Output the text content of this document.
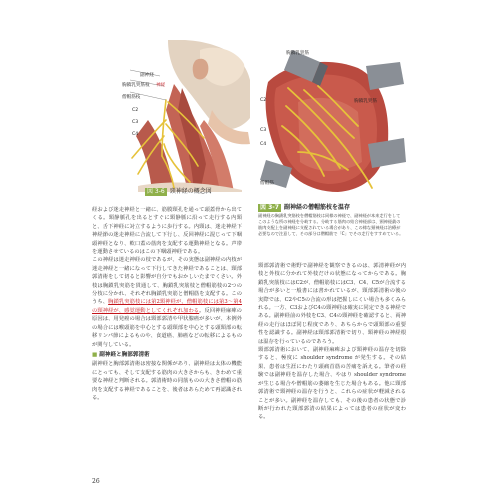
副神経
胸鎖乳突筋枝 神経
僧帽筋枝
C2
C3
C4
図 3-6 頸神経の概念図
胸鎖乳突筋
胸鎖乳突筋
C2
C3
C4
僧帽筋
図 3-7 副神経の僧帽筋枝を温存
副神経の胸鎖乳突筋枝を僧帽筋枝は同様の神経で、副神経が本来走行をしてこのような所の神経を分岐する。分岐する筋肉の結合神経部は、頸神経叢の筋肉支配上を副神経に支配されている場合があり、この様な頸神経は治療が必要なので注意して、その部分は僧帽筋で「C」でその走行をすすめている。

経および迷走神経と一緒に、筋膜頸孔を通って頭蓋骨から出てくる。頸静脈孔を出るとすぐに頸静脈に沿って走行する内頸と、舌下神経に対立するように歩行する。内頸は、迷走神経下神経節の迷走神経に合流して下行し、反回神経に混じって下咽頭神経となり、軟口蓋の筋肉を支配する運動神経となる。声帯を運動させているのはこの下咽頭神経である。

この神経は迷走神経の枝であるが、その実態は副神経の内枝が迷走神経と一緒になって下行してきた神経であることは、頸部郭清術をして切ると影響が自分でもおかしいたまでくさい。外枝は胸鎖乳突筋を貫通して、胸鎖乳突筋枝と僧帽筋枝の2つの分枝に分かれ、それぞれ胸鎖乳突筋と僧帽筋を支配する。このうち、胸鎖乳突筋枝には第2頸神経が、僧帽筋枝には第3〜第4の頸神経が、感覚運動としてくれぞれ加わる。反回神経麻痺の原因は、用発癌の場合は頸部郭清や甲状腺癌が多いが、本例外の場合には喉頭筋を中心とする頭頸部を中心とする頭頸部の転移リンパ節によるものや、食道癌、肺癌などの転移によるものが関与している。

■ 副神経と胸部郭清術

副神経と胸部郭清術は密接な関係があり、副神経は太体の機能にとっても、そして支配する筋肉の大きさからも、きわめて重要な神経と判断される。郭清術時の同筋ものの大きさ僧帽の筋肉を支配する神経であることを、後者はあらためて再認識される。

頸部郭清術で術野で副神経を観察できるのは、郭清神経が内枝と外枝に分かれて外枝だけの状態になってからである。胸鎖乳突筋枝にはC2が、僧帽筋枝にはC3、C4、C5が合流する場合が多いと一般書には書かれているが、頸部郭清術の後の実際では、C2やC5の合流の形は把握しにくい場合も多くみられる。一方、C3およびC4の頸神経は確実に同定できる神経である。副神経前の外枝をC3、C4の頸神経を確認すると、両神経の走行はほぼ同じ程度であり、あちらからで頭頸部の重要性を認識する。副神経は頸部郭清術で切り、頸神経の神経根は温存を行っているのであろう。

頸部郭清術において、副神経麻痺および頸神経の温存を切除すると、極度に shoulder syndrome が発生する。その結果、患者は生涯にわたり頭痛首筋の苦痛を訴える。筆者の経験では副神経を温存した場合、やはり shoulder syndrome が生じる場合や僧帽筋の萎縮を生じた場合もある。他に頸部郭清術で頸神経の温存を行うと、これらの症状が軽減されることが多い。副神経を温存しても、その後の患者の状態で診断が行われた頸部郭清の結果によっては患者の症状が変わる。

26
